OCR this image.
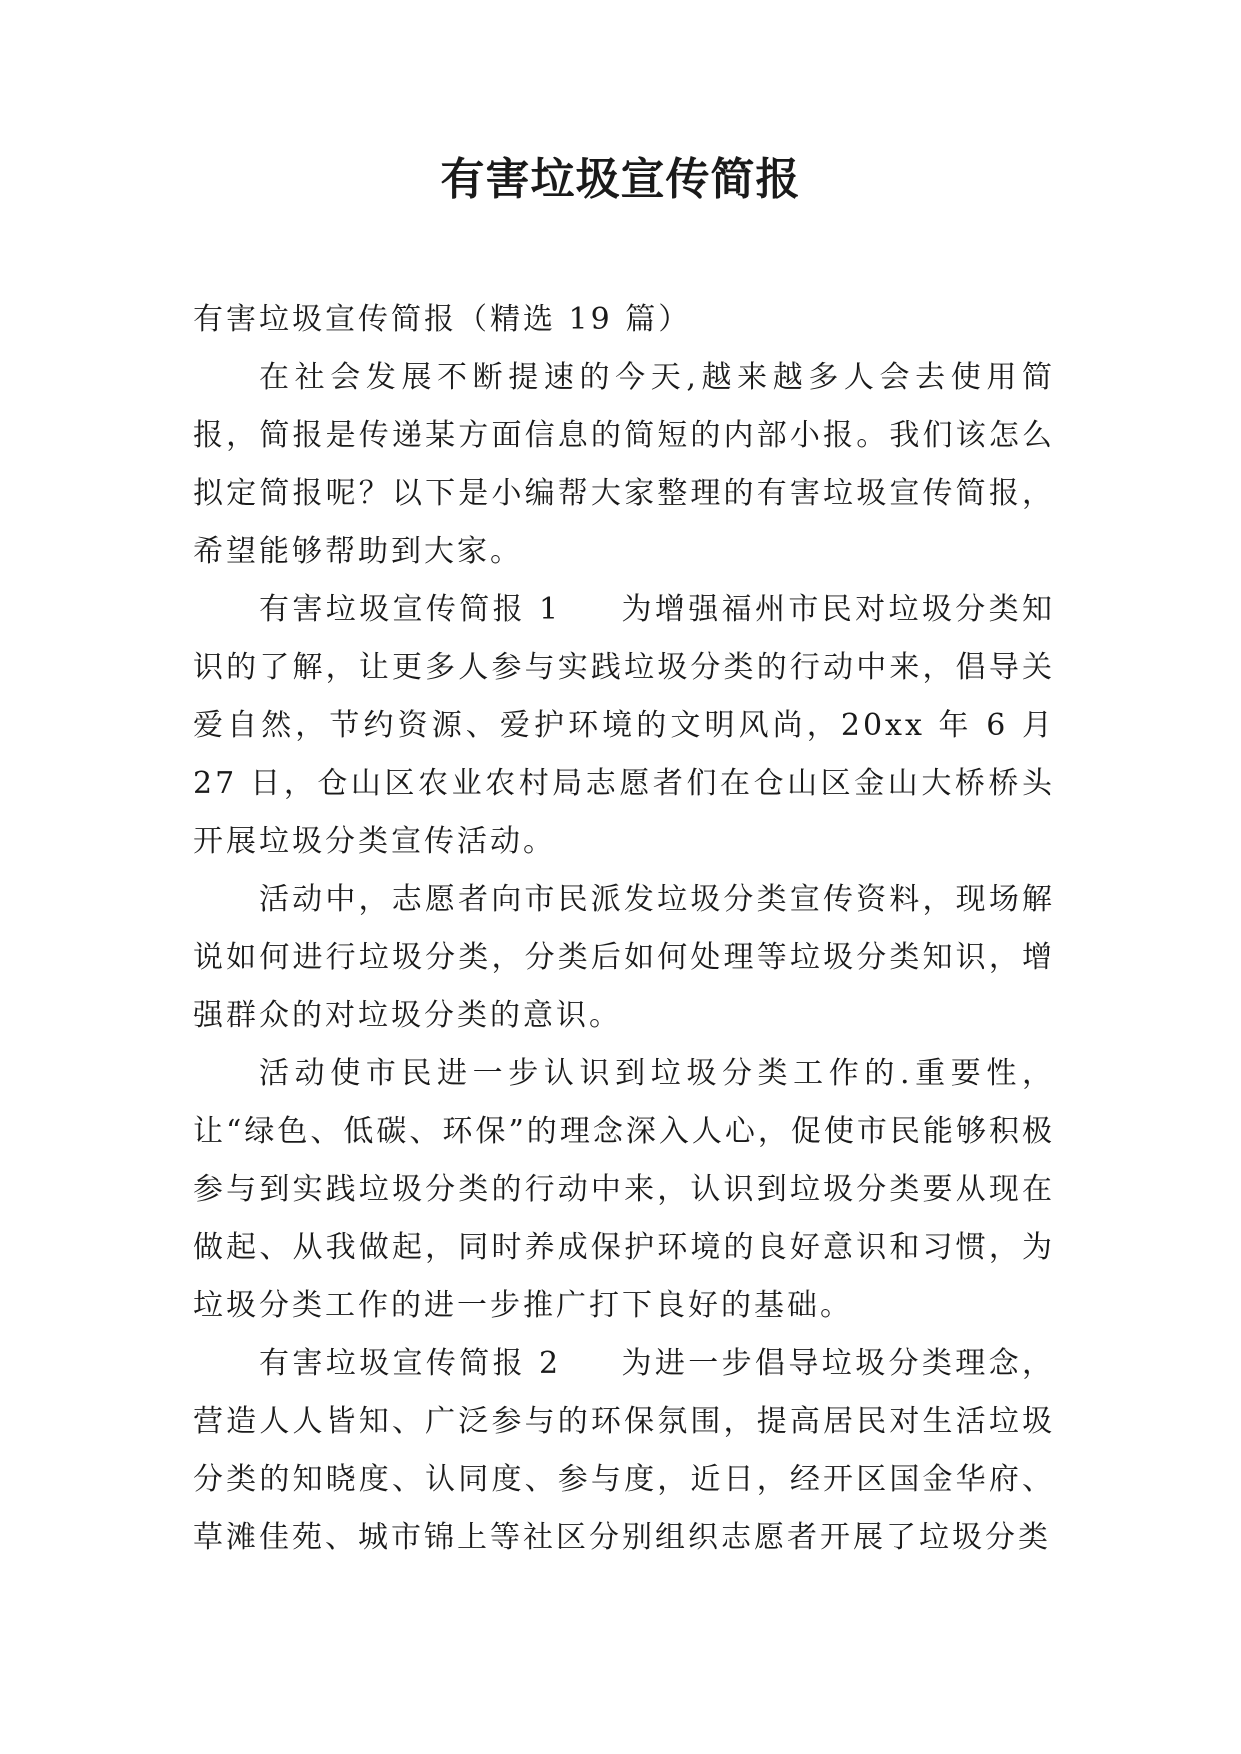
有害垃圾宣传简报

有害垃圾宣传简报（精选 19 篇）

在社会发展不断提速的今天,越来越多人会去使用简报，简报是传递某方面信息的简短的内部小报。我们该怎么拟定简报呢？以下是小编帮大家整理的有害垃圾宣传简报，希望能够帮助到大家。

有害垃圾宣传简报 1 为增强福州市民对垃圾分类知识的了解，让更多人参与实践垃圾分类的行动中来，倡导关爱自然，节约资源、爱护环境的文明风尚，20xx 年 6 月 27 日，仓山区农业农村局志愿者们在仓山区金山大桥桥头开展垃圾分类宣传活动。

活动中，志愿者向市民派发垃圾分类宣传资料，现场解说如何进行垃圾分类，分类后如何处理等垃圾分类知识，增强群众的对垃圾分类的意识。

活动使市民进一步认识到垃圾分类工作的.重要性，让“绿色、低碳、环保”的理念深入人心，促使市民能够积极参与到实践垃圾分类的行动中来，认识到垃圾分类要从现在做起、从我做起，同时养成保护环境的良好意识和习惯，为垃圾分类工作的进一步推广打下良好的基础。

有害垃圾宣传简报 2 为进一步倡导垃圾分类理念，营造人人皆知、广泛参与的环保氛围，提高居民对生活垃圾分类的知晓度、认同度、参与度，近日，经开区国金华府、草滩佳苑、城市锦上等社区分别组织志愿者开展了垃圾分类
